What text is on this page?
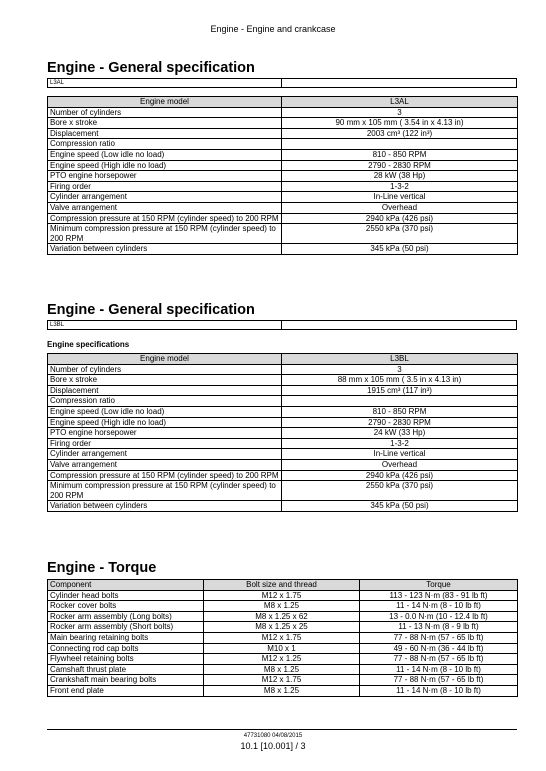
Engine - Engine and crankcase
Engine - General specification
L3AL
Engine model	L3AL
Number of cylinders	3
Bore x stroke	90 mm x 105 mm ( 3.54 in x 4.13 in)
Displacement	2003 cm³ (122 in³)
Compression ratio	
Engine speed (Low idle no load)	810 - 850 RPM
Engine speed (High idle no load)	2790 - 2830 RPM
PTO engine horsepower	28 kW (38 Hp)
Firing order	1-3-2
Cylinder arrangement	In-Line vertical
Valve arrangement	Overhead
Compression pressure at 150 RPM (cylinder speed) to 200 RPM	2940 kPa (426 psi)
Minimum compression pressure at 150 RPM (cylinder speed) to 200 RPM	2550 kPa (370 psi)
Variation between cylinders	345 kPa (50 psi)
Engine - General specification
L3BL
Engine specifications
Engine model	L3BL
Number of cylinders	3
Bore x stroke	88 mm x 105 mm ( 3.5 in x 4.13 in)
Displacement	1915 cm³ (117 in³)
Compression ratio	
Engine speed (Low idle no load)	810 - 850 RPM
Engine speed (High idle no load)	2790 - 2830 RPM
PTO engine horsepower	24 kW (33 Hp)
Firing order	1-3-2
Cylinder arrangement	In-Line vertical
Valve arrangement	Overhead
Compression pressure at 150 RPM (cylinder speed) to 200 RPM	2940 kPa (426 psi)
Minimum compression pressure at 150 RPM (cylinder speed) to 200 RPM	2550 kPa (370 psi)
Variation between cylinders	345 kPa (50 psi)
Engine - Torque
Component	Bolt size and thread	Torque
Cylinder head bolts	M12 x 1.75	113 - 123 N·m (83 - 91 lb ft)
Rocker cover bolts	M8 x 1.25	11 - 14 N·m (8 - 10 lb ft)
Rocker arm assembly (Long bolts)	M8 x 1.25 x 62	13 - 0.0 N·m (10 - 12.4 lb ft)
Rocker arm assembly (Short bolts)	M8 x 1.25 x 25	11 - 13 N·m (8 - 9 lb ft)
Main bearing retaining bolts	M12 x 1.75	77 - 88 N·m (57 - 65 lb ft)
Connecting rod cap bolts	M10 x 1	49 - 60 N·m (36 - 44 lb ft)
Flywheel retaining bolts	M12 x 1.25	77 - 88 N·m (57 - 65 lb ft)
Camshaft thrust plate	M8 x 1.25	11 - 14 N·m (8 - 10 lb ft)
Crankshaft main bearing bolts	M12 x 1.75	77 - 88 N·m (57 - 65 lb ft)
Front end plate	M8 x 1.25	11 - 14 N·m (8 - 10 lb ft)
47731080 04/08/2015
10.1 [10.001] / 3
